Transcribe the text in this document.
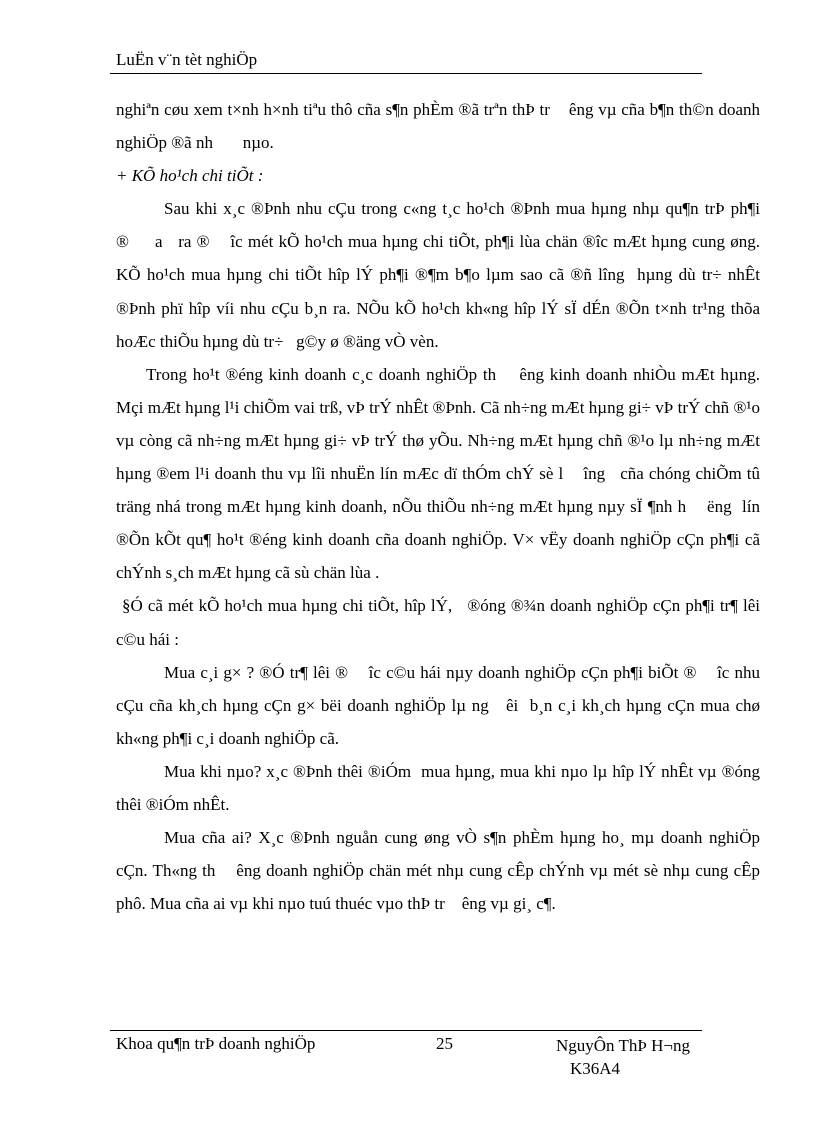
LuËn v¨n tèt nghiÖp

nghiªn cøu xem t×nh h×nh tiªu thô cña s¶n phÈm ®ã trªn thÞ tr    êng vµ cña b¶n th©n doanh nghiÖp ®ã nh       nµo.

+ KÕ ho¹ch chi tiÕt :

Sau khi x¸c ®Þnh nhu cÇu trong c«ng t¸c ho¹ch ®Þnh mua hµng nhµ qu¶n trÞ ph¶i ®     a   ra ®    îc mét kÕ ho¹ch mua hµng chi tiÕt, ph¶i lùa chän ®îc mÆt hµng cung øng. KÕ ho¹ch mua hµng chi tiÕt hîp lÝ ph¶i ®¶m b¶o lµm sao cã ®ñ lîng  hµng dù tr÷ nhÊt ®Þnh phï hîp víi nhu cÇu b¸n ra. NÕu kÕ ho¹ch kh«ng hîp lÝ sÏ dÉn ®Õn t×nh tr¹ng thõa hoÆc thiÕu hµng dù tr÷   g©y ø ®äng vÒ vèn.

Trong ho¹t ®éng kinh doanh c¸c doanh nghiÖp th    êng kinh doanh nhiÒu mÆt hµng. Mçi mÆt hµng l¹i chiÕm vai trß, vÞ trÝ nhÊt ®Þnh. Cã nh÷ng mÆt hµng gi÷ vÞ trÝ chñ ®¹o vµ còng cã nh÷ng mÆt hµng gi÷ vÞ trÝ thø yÕu. Nh÷ng mÆt hµng chñ ®¹o lµ nh÷ng mÆt hµng ®em l¹i doanh thu vµ lîi nhuËn lín mÆc dï thÓm chÝ sè l    îng   cña chóng chiÕm tû träng nhá trong mÆt hµng kinh doanh, nÕu thiÕu nh÷ng mÆt hµng nµy sÏ ¶nh h    ëng  lín ®Õn kÕt qu¶ ho¹t ®éng kinh doanh cña doanh nghiÖp. V× vËy doanh nghiÖp cÇn ph¶i cã chÝnh s¸ch mÆt hµng cã sù chän lùa .

§Ó cã mét kÕ ho¹ch mua hµng chi tiÕt, hîp lÝ,   ®óng ®¾n doanh nghiÖp cÇn ph¶i tr¶ lêi c©u hái :

Mua c¸i g× ? ®Ó tr¶ lêi ®    îc c©u hái nµy doanh nghiÖp cÇn ph¶i biÕt ®    îc nhu cÇu cña kh¸ch hµng cÇn g× bëi doanh nghiÖp lµ ng   êi  b¸n c¸i kh¸ch hµng cÇn mua chø kh«ng ph¶i c¸i doanh nghiÖp cã.

Mua khi nµo? x¸c ®Þnh thêi ®iÓm  mua hµng, mua khi nµo lµ hîp lÝ nhÊt vµ ®óng thêi ®iÓm nhÊt.

Mua cña ai? X¸c ®Þnh nguån cung øng vÒ s¶n phÈm hµng ho¸ mµ doanh nghiÖp cÇn. Th«ng th    êng doanh nghiÖp chän mét nhµ cung cÊp chÝnh vµ mét sè nhµ cung cÊp phô. Mua cña ai vµ khi nµo tuú thuéc vµo thÞ tr    êng vµ gi¸ c¶.

Khoa qu¶n trÞ doanh nghiÖp	25	NguyÔn ThÞ H¬ng
K36A4
